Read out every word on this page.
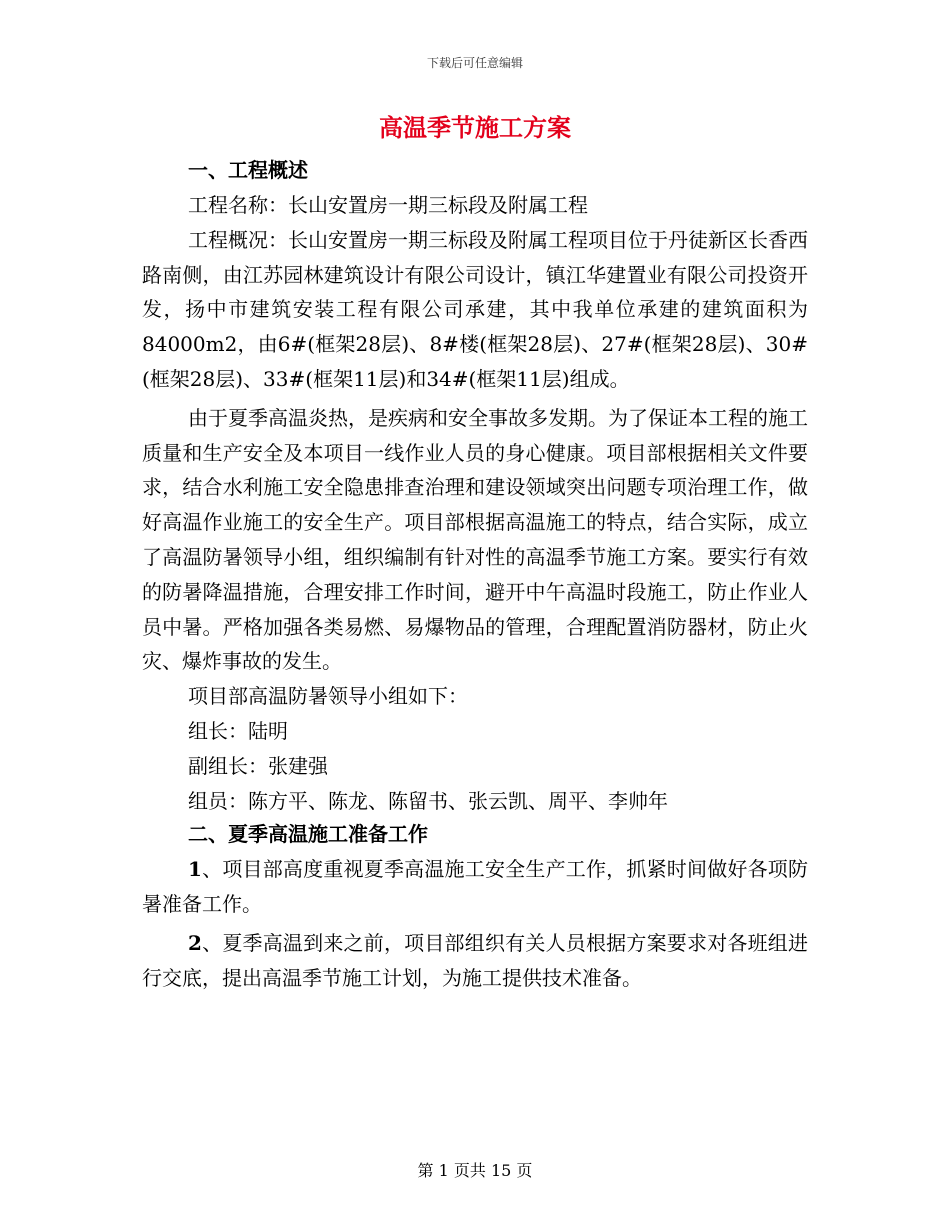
下载后可任意编辑
高温季节施工方案
一、工程概述

工程名称：长山安置房一期三标段及附属工程

工程概况：长山安置房一期三标段及附属工程项目位于丹徒新区长香西路南侧，由江苏园林建筑设计有限公司设计，镇江华建置业有限公司投资开发，扬中市建筑安装工程有限公司承建，其中我单位承建的建筑面积为84000m2，由6#(框架28层)、8#楼(框架28层)、27#(框架28层)、30#(框架28层)、33#(框架11层)和34#(框架11层)组成。

由于夏季高温炎热，是疾病和安全事故多发期。为了保证本工程的施工质量和生产安全及本项目一线作业人员的身心健康。项目部根据相关文件要求，结合水利施工安全隐患排查治理和建设领域突出问题专项治理工作，做好高温作业施工的安全生产。项目部根据高温施工的特点，结合实际，成立了高温防暑领导小组，组织编制有针对性的高温季节施工方案。要实行有效的防暑降温措施，合理安排工作时间，避开中午高温时段施工，防止作业人员中暑。严格加强各类易燃、易爆物品的管理，合理配置消防器材，防止火灾、爆炸事故的发生。

项目部高温防暑领导小组如下：

组长：陆明

副组长：张建强

组员：陈方平、陈龙、陈留书、张云凯、周平、李帅年

二、夏季高温施工准备工作

1、项目部高度重视夏季高温施工安全生产工作，抓紧时间做好各项防暑准备工作。

2、夏季高温到来之前，项目部组织有关人员根据方案要求对各班组进行交底，提出高温季节施工计划，为施工提供技术准备。

第 1 页共 15 页
